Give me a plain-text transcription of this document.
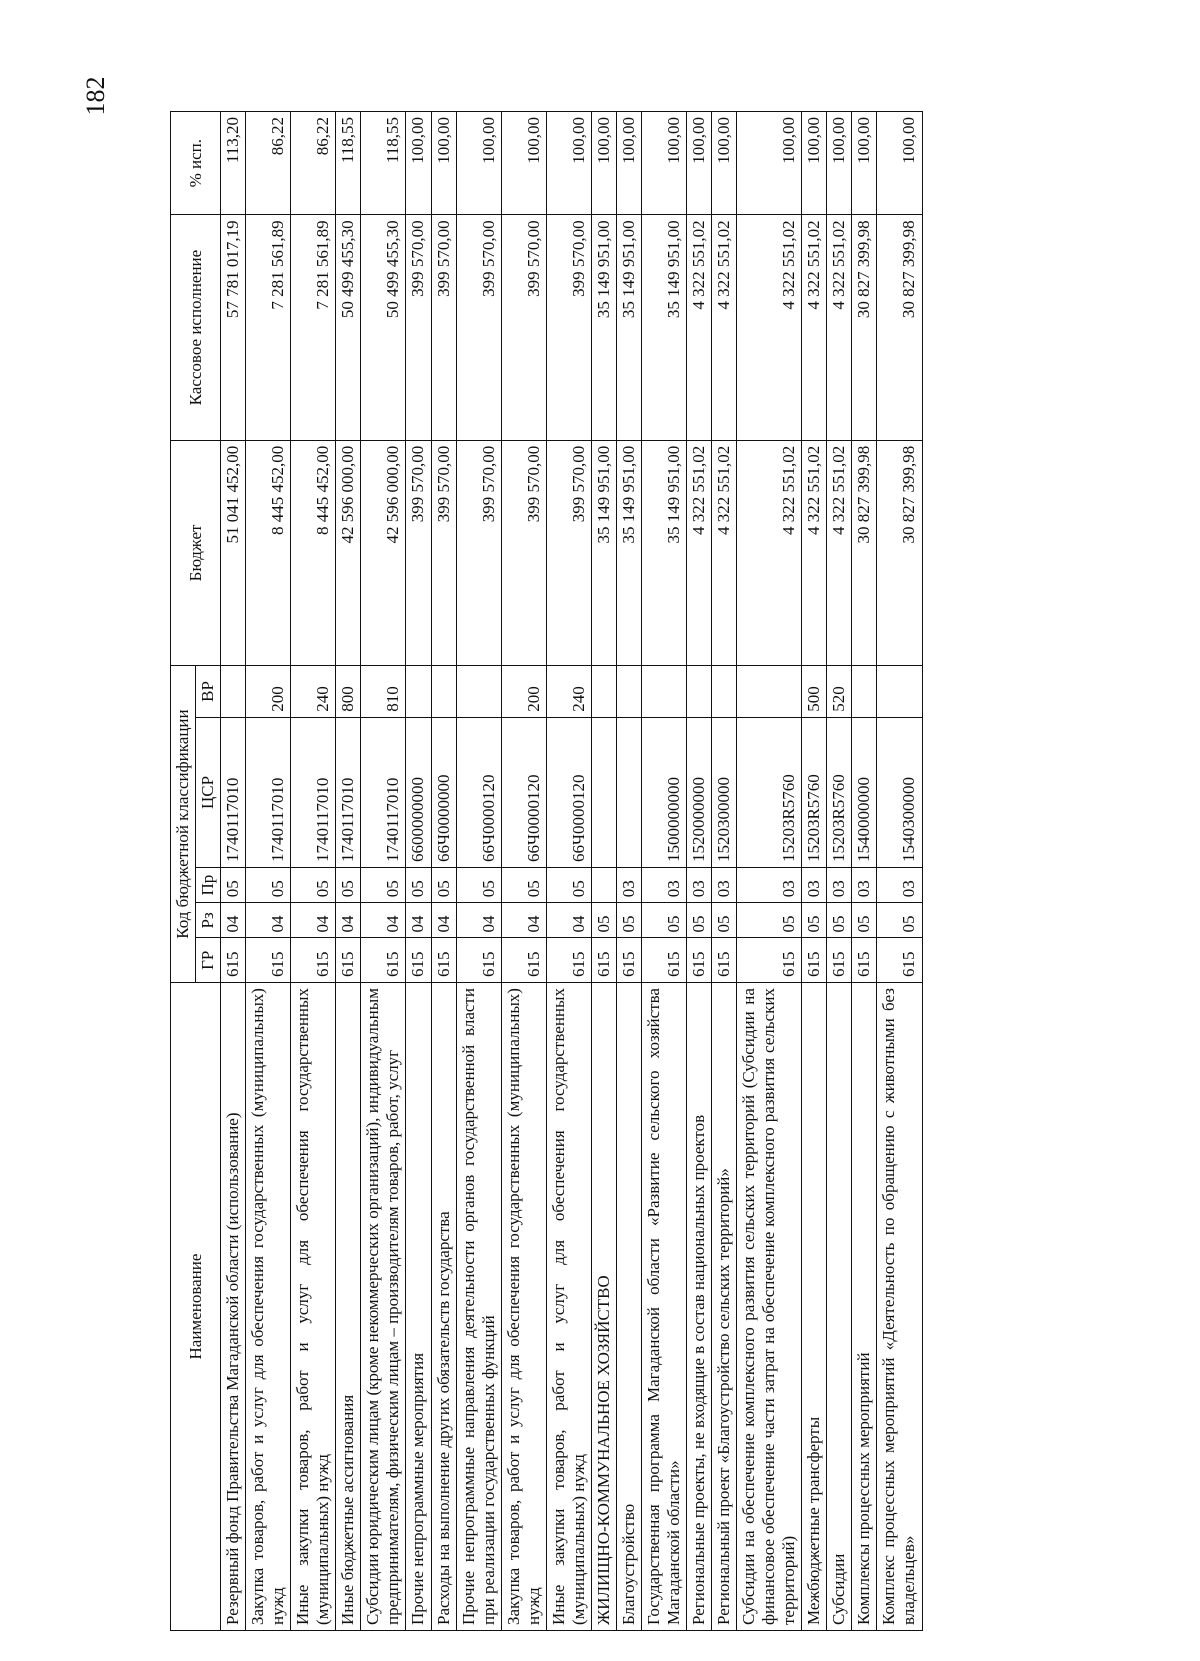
182
Наименование	Код бюджетной классификации					Бюджет	Кассовое исполнение	% исп.
	ГР	Рз	Пр	ЦСР	ВР			
Резервный фонд Правительства Магаданской области (использование)	615	04	05	1740117010		51 041 452,00	57 781 017,19	113,20
Закупка товаров, работ и услуг для обеспечения государственных (муниципальных) нужд	615	04	05	1740117010	200	8 445 452,00	7 281 561,89	86,22
Иные закупки товаров, работ и услуг для обеспечения государственных (муниципальных) нужд	615	04	05	1740117010	240	8 445 452,00	7 281 561,89	86,22
Иные бюджетные ассигнования	615	04	05	1740117010	800	42 596 000,00	50 499 455,30	118,55
Субсидии юридическим лицам (кроме некоммерческих организаций), индивидуальным предпринимателям, физическим лицам – производителям товаров, работ, услуг	615	04	05	1740117010	810	42 596 000,00	50 499 455,30	118,55
Прочие непрограммные мероприятия	615	04	05	6600000000		399 570,00	399 570,00	100,00
Расходы на выполнение других обязательств государства	615	04	05	66Ч0000000		399 570,00	399 570,00	100,00
Прочие непрограммные направления деятельности органов государственной власти при реализации государственных функций	615	04	05	66Ч0000120		399 570,00	399 570,00	100,00
Закупка товаров, работ и услуг для обеспечения государственных (муниципальных) нужд	615	04	05	66Ч0000120	200	399 570,00	399 570,00	100,00
Иные закупки товаров, работ и услуг для обеспечения государственных (муниципальных) нужд	615	04	05	66Ч0000120	240	399 570,00	399 570,00	100,00
ЖИЛИЩНО-КОММУНАЛЬНОЕ ХОЗЯЙСТВО	615	05				35 149 951,00	35 149 951,00	100,00
Благоустройство	615	05	03			35 149 951,00	35 149 951,00	100,00
Государственная программа Магаданской области «Развитие сельского хозяйства Магаданской области»	615	05	03	1500000000		35 149 951,00	35 149 951,00	100,00
Региональные проекты, не входящие в состав национальных проектов	615	05	03	1520000000		4 322 551,02	4 322 551,02	100,00
Региональный проект «Благоустройство сельских территорий»	615	05	03	1520300000		4 322 551,02	4 322 551,02	100,00
Субсидии на обеспечение комплексного развития сельских территорий (Субсидии на финансовое обеспечение части затрат на обеспечение комплексного развития сельских территорий)	615	05	03	15203R5760		4 322 551,02	4 322 551,02	100,00
Межбюджетные трансферты	615	05	03	15203R5760	500	4 322 551,02	4 322 551,02	100,00
Субсидии	615	05	03	15203R5760	520	4 322 551,02	4 322 551,02	100,00
Комплексы процессных мероприятий	615	05	03	1540000000		30 827 399,98	30 827 399,98	100,00
Комплекс процессных мероприятий «Деятельность по обращению с животными без владельцев»	615	05	03	1540300000		30 827 399,98	30 827 399,98	100,00
